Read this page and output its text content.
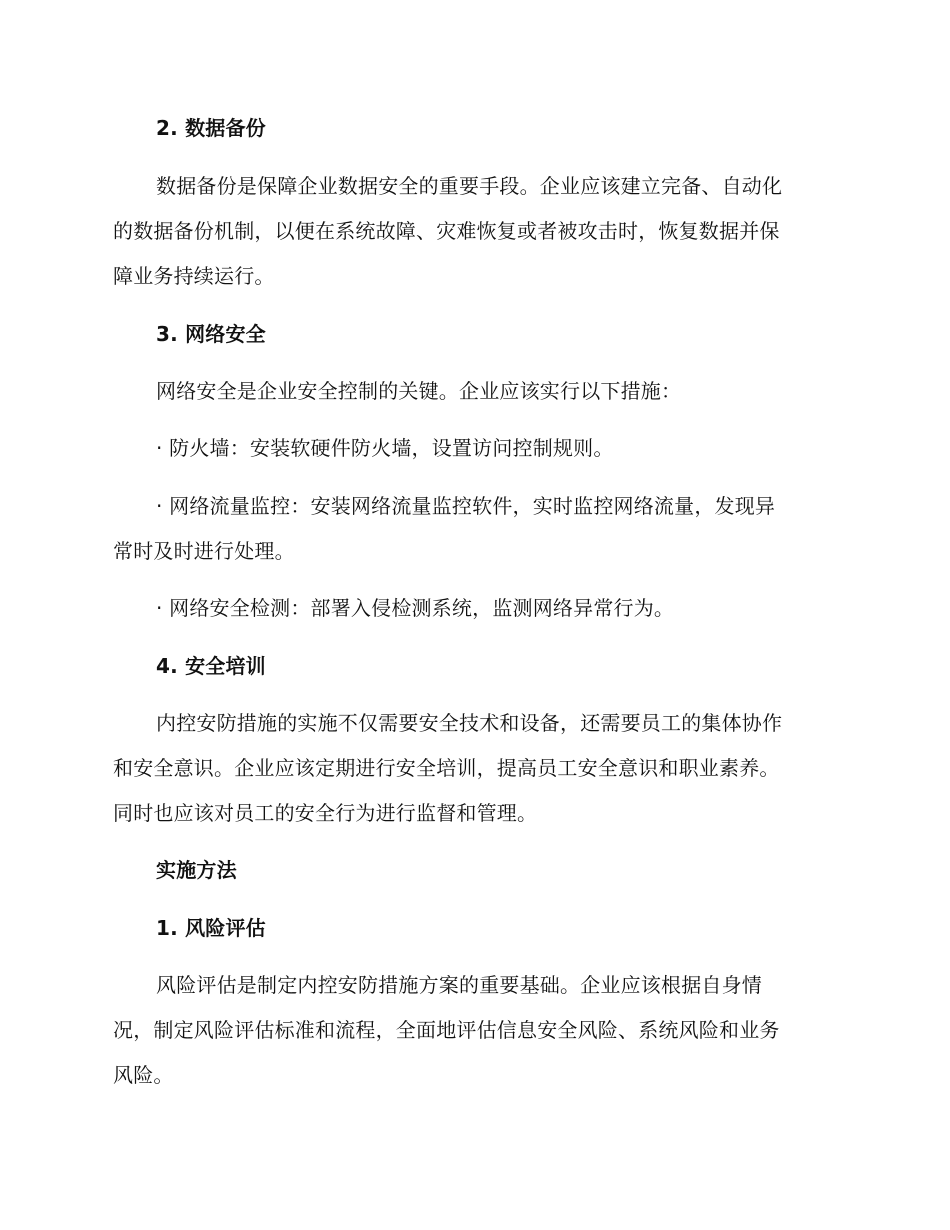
2. 数据备份
数据备份是保障企业数据安全的重要手段。企业应该建立完备、自动化
的数据备份机制，以便在系统故障、灾难恢复或者被攻击时，恢复数据并保
障业务持续运行。
3. 网络安全
网络安全是企业安全控制的关键。企业应该实行以下措施：
· 防火墙：安装软硬件防火墙，设置访问控制规则。
· 网络流量监控：安装网络流量监控软件，实时监控网络流量，发现异
常时及时进行处理。
· 网络安全检测：部署入侵检测系统，监测网络异常行为。
4. 安全培训
内控安防措施的实施不仅需要安全技术和设备，还需要员工的集体协作
和安全意识。企业应该定期进行安全培训，提高员工安全意识和职业素养。
同时也应该对员工的安全行为进行监督和管理。
实施方法
1. 风险评估
风险评估是制定内控安防措施方案的重要基础。企业应该根据自身情
况，制定风险评估标准和流程，全面地评估信息安全风险、系统风险和业务
风险。
